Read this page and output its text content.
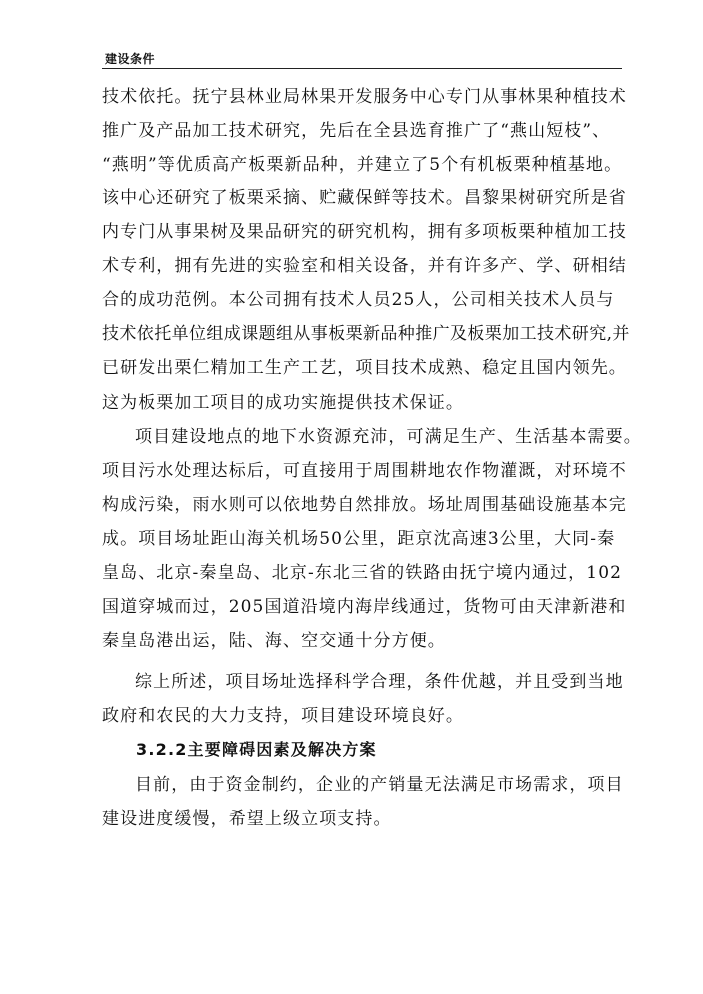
建设条件
技术依托。抚宁县林业局林果开发服务中心专门从事林果种植技术
推广及产品加工技术研究，先后在全县选育推广了“燕山短枝”、
“燕明”等优质高产板栗新品种，并建立了5个有机板栗种植基地。
该中心还研究了板栗采摘、贮藏保鲜等技术。昌黎果树研究所是省
内专门从事果树及果品研究的研究机构，拥有多项板栗种植加工技
术专利，拥有先进的实验室和相关设备，并有许多产、学、研相结
合的成功范例。本公司拥有技术人员25人，公司相关技术人员与
技术依托单位组成课题组从事板栗新品种推广及板栗加工技术研究,并
已研发出栗仁精加工生产工艺，项目技术成熟、稳定且国内领先。
这为板栗加工项目的成功实施提供技术保证。
项目建设地点的地下水资源充沛，可满足生产、生活基本需要。
项目污水处理达标后，可直接用于周围耕地农作物灌溉，对环境不
构成污染，雨水则可以依地势自然排放。场址周围基础设施基本完
成。项目场址距山海关机场50公里，距京沈高速3公里，大同-秦
皇岛、北京-秦皇岛、北京-东北三省的铁路由抚宁境内通过，102
国道穿城而过，205国道沿境内海岸线通过，货物可由天津新港和
秦皇岛港出运，陆、海、空交通十分方便。
综上所述，项目场址选择科学合理，条件优越，并且受到当地
政府和农民的大力支持，项目建设环境良好。
3.2.2主要障碍因素及解决方案
目前，由于资金制约，企业的产销量无法满足市场需求，项目
建设进度缓慢，希望上级立项支持。
